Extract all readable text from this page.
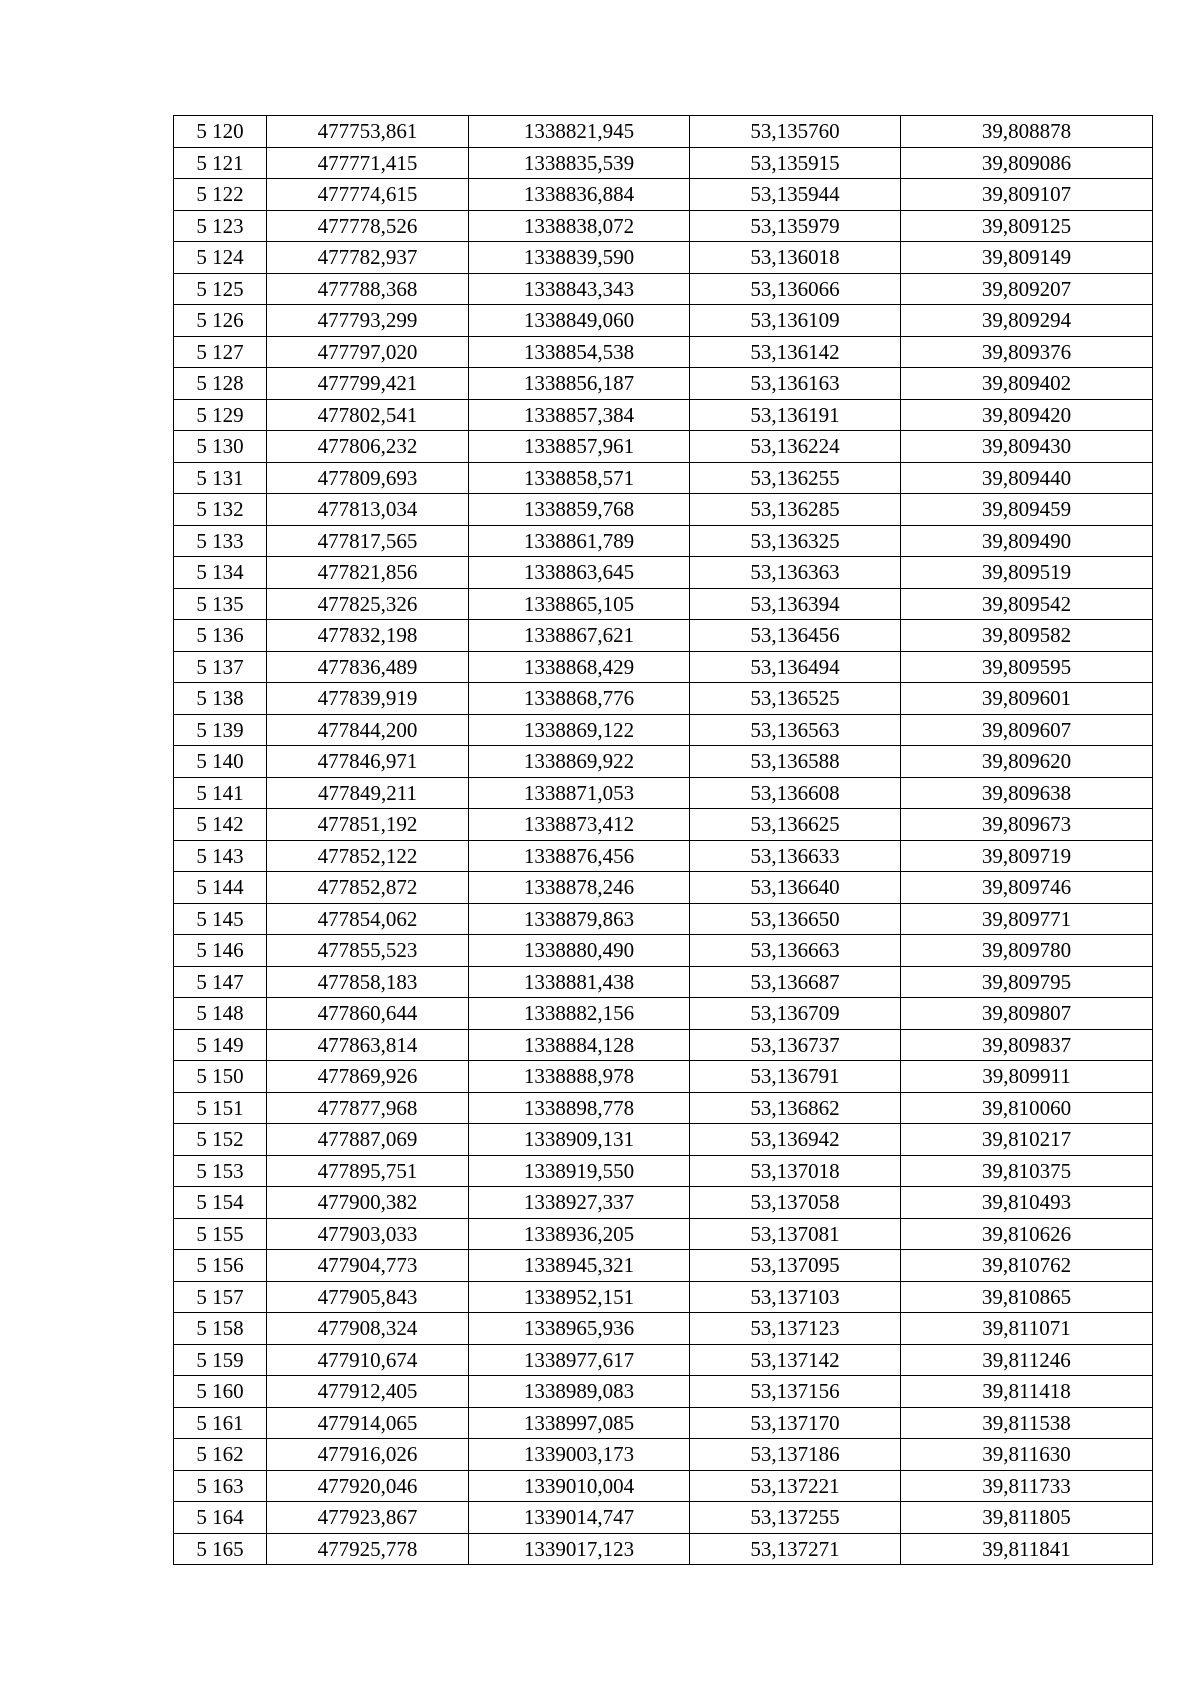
5 120	477753,861	1338821,945	53,135760	39,808878
5 121	477771,415	1338835,539	53,135915	39,809086
5 122	477774,615	1338836,884	53,135944	39,809107
5 123	477778,526	1338838,072	53,135979	39,809125
5 124	477782,937	1338839,590	53,136018	39,809149
5 125	477788,368	1338843,343	53,136066	39,809207
5 126	477793,299	1338849,060	53,136109	39,809294
5 127	477797,020	1338854,538	53,136142	39,809376
5 128	477799,421	1338856,187	53,136163	39,809402
5 129	477802,541	1338857,384	53,136191	39,809420
5 130	477806,232	1338857,961	53,136224	39,809430
5 131	477809,693	1338858,571	53,136255	39,809440
5 132	477813,034	1338859,768	53,136285	39,809459
5 133	477817,565	1338861,789	53,136325	39,809490
5 134	477821,856	1338863,645	53,136363	39,809519
5 135	477825,326	1338865,105	53,136394	39,809542
5 136	477832,198	1338867,621	53,136456	39,809582
5 137	477836,489	1338868,429	53,136494	39,809595
5 138	477839,919	1338868,776	53,136525	39,809601
5 139	477844,200	1338869,122	53,136563	39,809607
5 140	477846,971	1338869,922	53,136588	39,809620
5 141	477849,211	1338871,053	53,136608	39,809638
5 142	477851,192	1338873,412	53,136625	39,809673
5 143	477852,122	1338876,456	53,136633	39,809719
5 144	477852,872	1338878,246	53,136640	39,809746
5 145	477854,062	1338879,863	53,136650	39,809771
5 146	477855,523	1338880,490	53,136663	39,809780
5 147	477858,183	1338881,438	53,136687	39,809795
5 148	477860,644	1338882,156	53,136709	39,809807
5 149	477863,814	1338884,128	53,136737	39,809837
5 150	477869,926	1338888,978	53,136791	39,809911
5 151	477877,968	1338898,778	53,136862	39,810060
5 152	477887,069	1338909,131	53,136942	39,810217
5 153	477895,751	1338919,550	53,137018	39,810375
5 154	477900,382	1338927,337	53,137058	39,810493
5 155	477903,033	1338936,205	53,137081	39,810626
5 156	477904,773	1338945,321	53,137095	39,810762
5 157	477905,843	1338952,151	53,137103	39,810865
5 158	477908,324	1338965,936	53,137123	39,811071
5 159	477910,674	1338977,617	53,137142	39,811246
5 160	477912,405	1338989,083	53,137156	39,811418
5 161	477914,065	1338997,085	53,137170	39,811538
5 162	477916,026	1339003,173	53,137186	39,811630
5 163	477920,046	1339010,004	53,137221	39,811733
5 164	477923,867	1339014,747	53,137255	39,811805
5 165	477925,778	1339017,123	53,137271	39,811841
